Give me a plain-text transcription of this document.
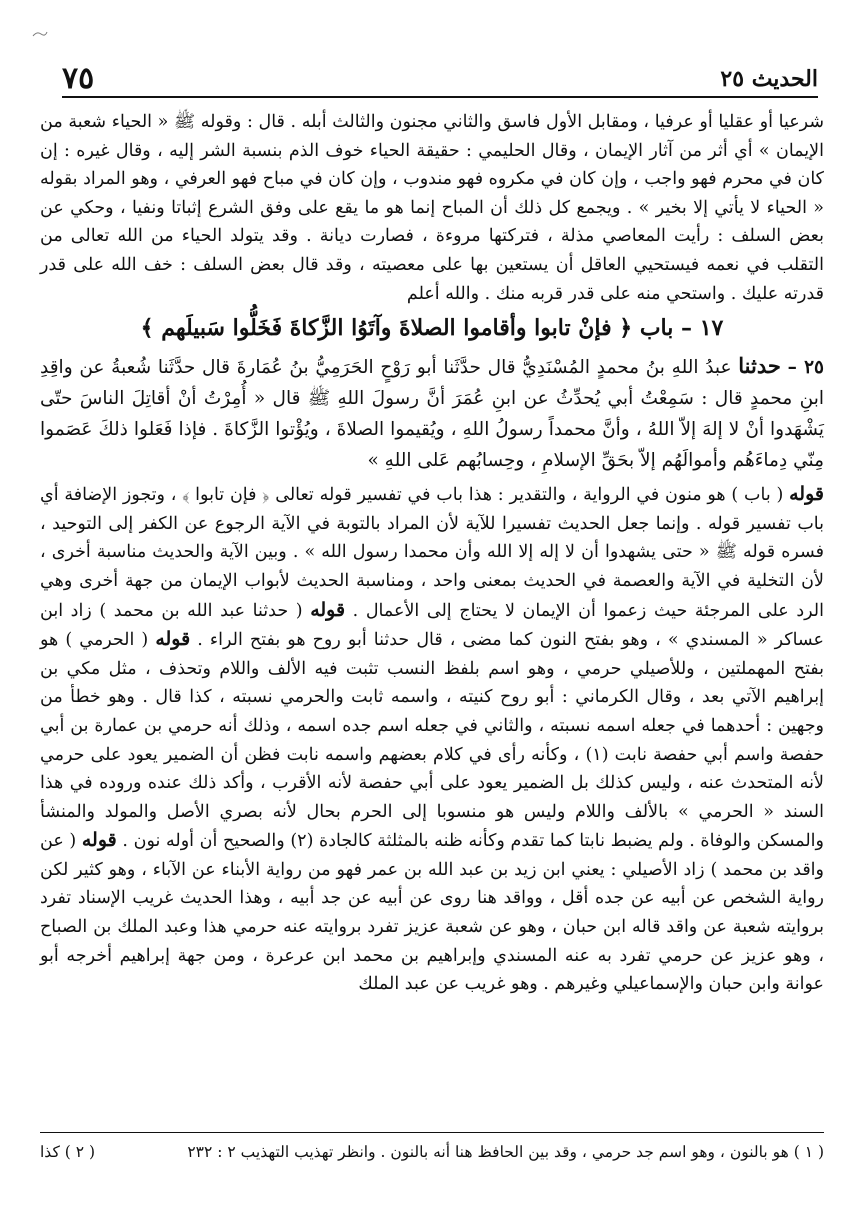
الحديث ٢٥
٧٥

شرعيا أو عقليا أو عرفيا ، ومقابل الأول فاسق والثاني مجنون والثالث أبله . قال : وقوله ﷺ « الحياء شعبة من الإيمان » أي أثر من آثار الإيمان ، وقال الحليمي : حقيقة الحياء خوف الذم بنسبة الشر إليه ، وقال غيره : إن كان في محرم فهو واجب ، وإن كان في مكروه فهو مندوب ، وإن كان في مباح فهو العرفي ، وهو المراد بقوله « الحياء لا يأتي إلا بخير » . ويجمع كل ذلك أن المباح إنما هو ما يقع على وفق الشرع إثباتا ونفيا ، وحكي عن بعض السلف : رأيت المعاصي مذلة ، فتركتها مروءة ، فصارت ديانة . وقد يتولد الحياء من الله تعالى من التقلب في نعمه فيستحيي العاقل أن يستعين بها على معصيته ، وقد قال بعض السلف : خف الله على قدر قدرته عليك . واستحي منه على قدر قربه منك . والله أعلم

١٧ – باب ﴿ فإنْ تابوا وأقاموا الصلاةَ وآتَوُا الزَّكاةَ فَخَلُّوا سَبيلَهم ﴾

٢٥ – حدثنا عبدُ اللهِ بنُ محمدٍ المُسْنَدِيُّ قال حدَّثَنا أبو رَوْحٍ الحَرَمِيُّ بنُ عُمَارةَ قال حدَّثَنا شُعبةُ عن واقِدِ ابنِ محمدٍ قال : سَمِعْتُ أبي يُحدِّثُ عن ابنِ عُمَرَ أنَّ رسولَ اللهِ ﷺ قال « أُمِرْتُ أنْ أقاتِلَ الناسَ حتّى يَشْهَدوا أنْ لا إلهَ إلاّ اللهُ ، وأنَّ محمداً رسولُ اللهِ ، ويُقيموا الصلاةَ ، ويُؤْتوا الزَّكاةَ . فإذا فَعَلوا ذلكَ عَصَموا مِنّي دِماءَهُم وأموالَهُم إلاّ بحَقِّ الإسلامِ ، وحِسابُهم عَلى اللهِ »

قوله ( باب ) هو منون في الرواية ، والتقدير : هذا باب في تفسير قوله تعالى ﴿ فإن تابوا ﴾ ، وتجوز الإضافة أي باب تفسير قوله . وإنما جعل الحديث تفسيرا للآية لأن المراد بالتوبة في الآية الرجوع عن الكفر إلى التوحيد ، فسره قوله ﷺ « حتى يشهدوا أن لا إله إلا الله وأن محمدا رسول الله » . وبين الآية والحديث مناسبة أخرى ، لأن التخلية في الآية والعصمة في الحديث بمعنى واحد ، ومناسبة الحديث لأبواب الإيمان من جهة أخرى وهي الرد على المرجئة حيث زعموا أن الإيمان لا يحتاج إلى الأعمال . قوله ( حدثنا عبد الله بن محمد ) زاد ابن عساكر « المسندي » ، وهو بفتح النون كما مضى ، قال حدثنا أبو روح هو بفتح الراء . قوله ( الحرمي ) هو بفتح المهملتين ، وللأصيلي حرمي ، وهو اسم بلفظ النسب تثبت فيه الألف واللام وتحذف ، مثل مكي بن إبراهيم الآتي بعد ، وقال الكرماني : أبو روح كنيته ، واسمه ثابت والحرمي نسبته ، كذا قال . وهو خطأ من وجهين : أحدهما في جعله اسمه نسبته ، والثاني في جعله اسم جده اسمه ، وذلك أنه حرمي بن عمارة بن أبي حفصة واسم أبي حفصة نابت (١) ، وكأنه رأى في كلام بعضهم واسمه نابت فظن أن الضمير يعود على حرمي لأنه المتحدث عنه ، وليس كذلك بل الضمير يعود على أبي حفصة لأنه الأقرب ، وأكد ذلك عنده وروده في هذا السند « الحرمي » بالألف واللام وليس هو منسوبا إلى الحرم بحال لأنه بصري الأصل والمولد والمنشأ والمسكن والوفاة . ولم يضبط نابتا كما تقدم وكأنه ظنه بالمثلثة كالجادة (٢) والصحيح أن أوله نون . قوله ( عن واقد بن محمد ) زاد الأصيلي : يعني ابن زيد بن عبد الله بن عمر فهو من رواية الأبناء عن الآباء ، وهو كثير لكن رواية الشخص عن أبيه عن جده أقل ، وواقد هنا روى عن أبيه عن جد أبيه ، وهذا الحديث غريب الإسناد تفرد بروايته شعبة عن واقد قاله ابن حبان ، وهو عن شعبة عزيز تفرد بروايته عنه حرمي هذا وعبد الملك بن الصباح ، وهو عزيز عن حرمي تفرد به عنه المسندي وإبراهيم بن محمد ابن عرعرة ، ومن جهة إبراهيم أخرجه أبو عوانة وابن حبان والإسماعيلي وغيرهم . وهو غريب عن عبد الملك

( ١ ) هو بالنون ، وهو اسم جد حرمي ، وقد بين الحافظ هنا أنه بالنون . وانظر تهذيب التهذيب ٢ : ٢٣٢
( ٢ ) كذا
